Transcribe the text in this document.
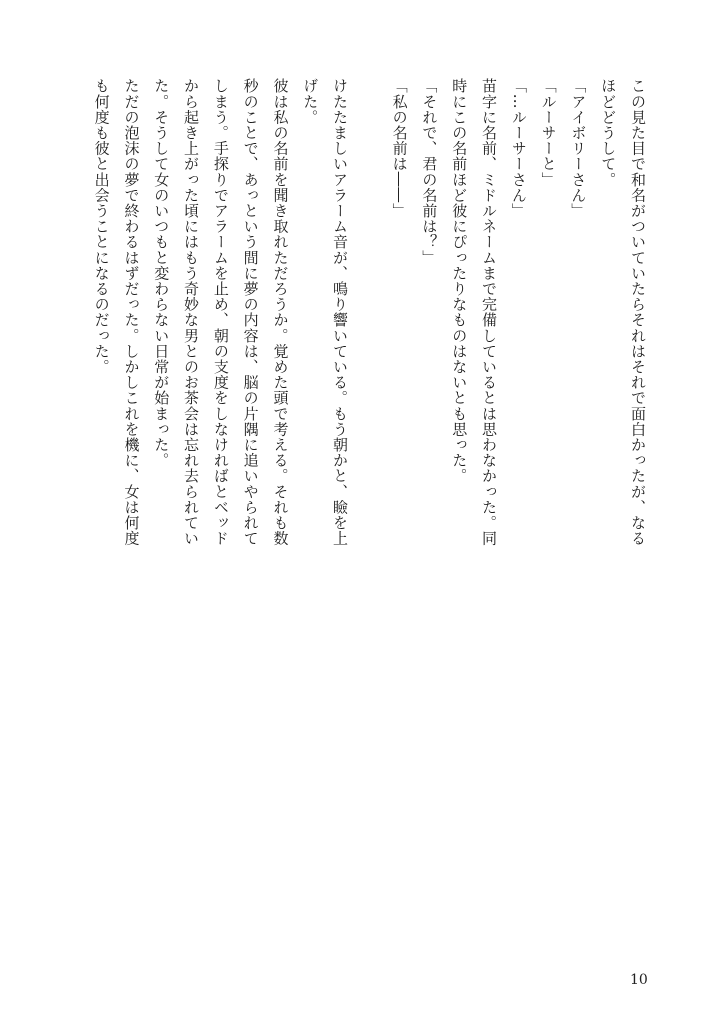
この見た目で和名がついていたらそれはそれで面白かったが、なる
ほどどうして。
「アイボリーさん」
「ルーサーと」
「…ルーサーさん」
苗字に名前、ミドルネームまで完備しているとは思わなかった。同
時にこの名前ほど彼にぴったりなものはないとも思った。
「それで、君の名前は？」
「私の名前は――」

けたたましいアラーム音が、鳴り響いている。もう朝かと、瞼を上
げた。
彼は私の名前を聞き取れただろうか。覚めた頭で考える。それも数
秒のことで、あっという間に夢の内容は、脳の片隅に追いやられて
しまう。手探りでアラームを止め、朝の支度をしなければとベッド
から起き上がった頃にはもう奇妙な男とのお茶会は忘れ去られてい
た。そうして女のいつもと変わらない日常が始まった。
ただの泡沫の夢で終わるはずだった。しかしこれを機に、女は何度
も何度も彼と出会うことになるのだった。
10
